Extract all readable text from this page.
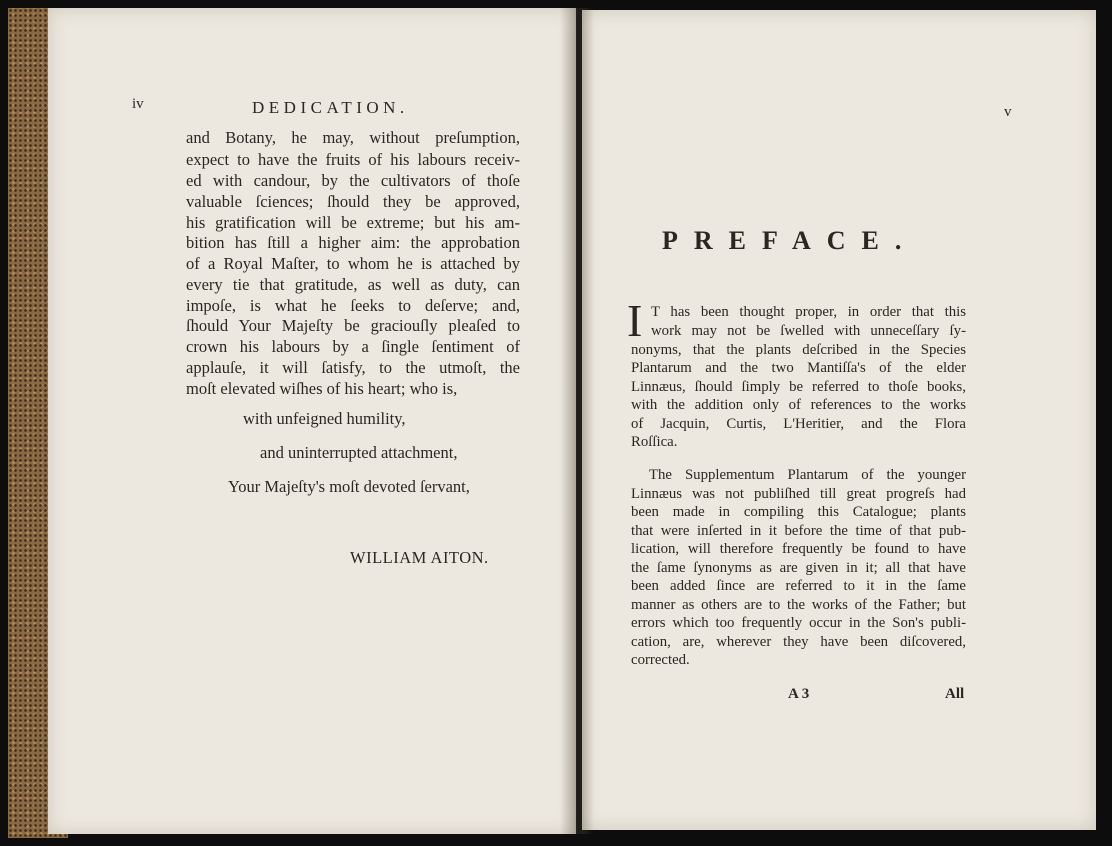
iv	DEDICATION.
and Botany, he may, without preſumption,
expect to have the fruits of his labours receiv-
ed with candour, by the cultivators of thoſe
valuable ſciences; ſhould they be approved,
his gratification will be extreme; but his am-
bition has ſtill a higher aim: the approbation
of a Royal Maſter, to whom he is attached by
every tie that gratitude, as well as duty, can
impoſe, is what he ſeeks to deſerve; and,
ſhould Your Majeſty be graciouſly pleaſed to
crown his labours by a ſingle ſentiment of
applauſe, it will ſatisfy, to the utmoſt, the
moſt elevated wiſhes of his heart; who is,
with unfeigned humility,
and uninterrupted attachment,
Your Majeſty's moſt devoted ſervant,
WILLIAM AITON.
v
PREFACE.
I T has been thought proper, in order that this
work may not be ſwelled with unneceſſary ſy-
nonyms, that the plants deſcribed in the Species
Plantarum and the two Mantiſſa's of the elder
Linnæus, ſhould ſimply be referred to thoſe books,
with the addition only of references to the works
of Jacquin, Curtis, L'Heritier, and the Flora
Roſſica.
The Supplementum Plantarum of the younger
Linnæus was not publiſhed till great progreſs had
been made in compiling this Catalogue; plants
that were inſerted in it before the time of that pub-
lication, will therefore frequently be found to have
the ſame ſynonyms as are given in it; all that have
been added ſince are referred to it in the ſame
manner as others are to the works of the Father; but
errors which too frequently occur in the Son's publi-
cation, are, wherever they have been diſcovered,
corrected.
A 3	All
